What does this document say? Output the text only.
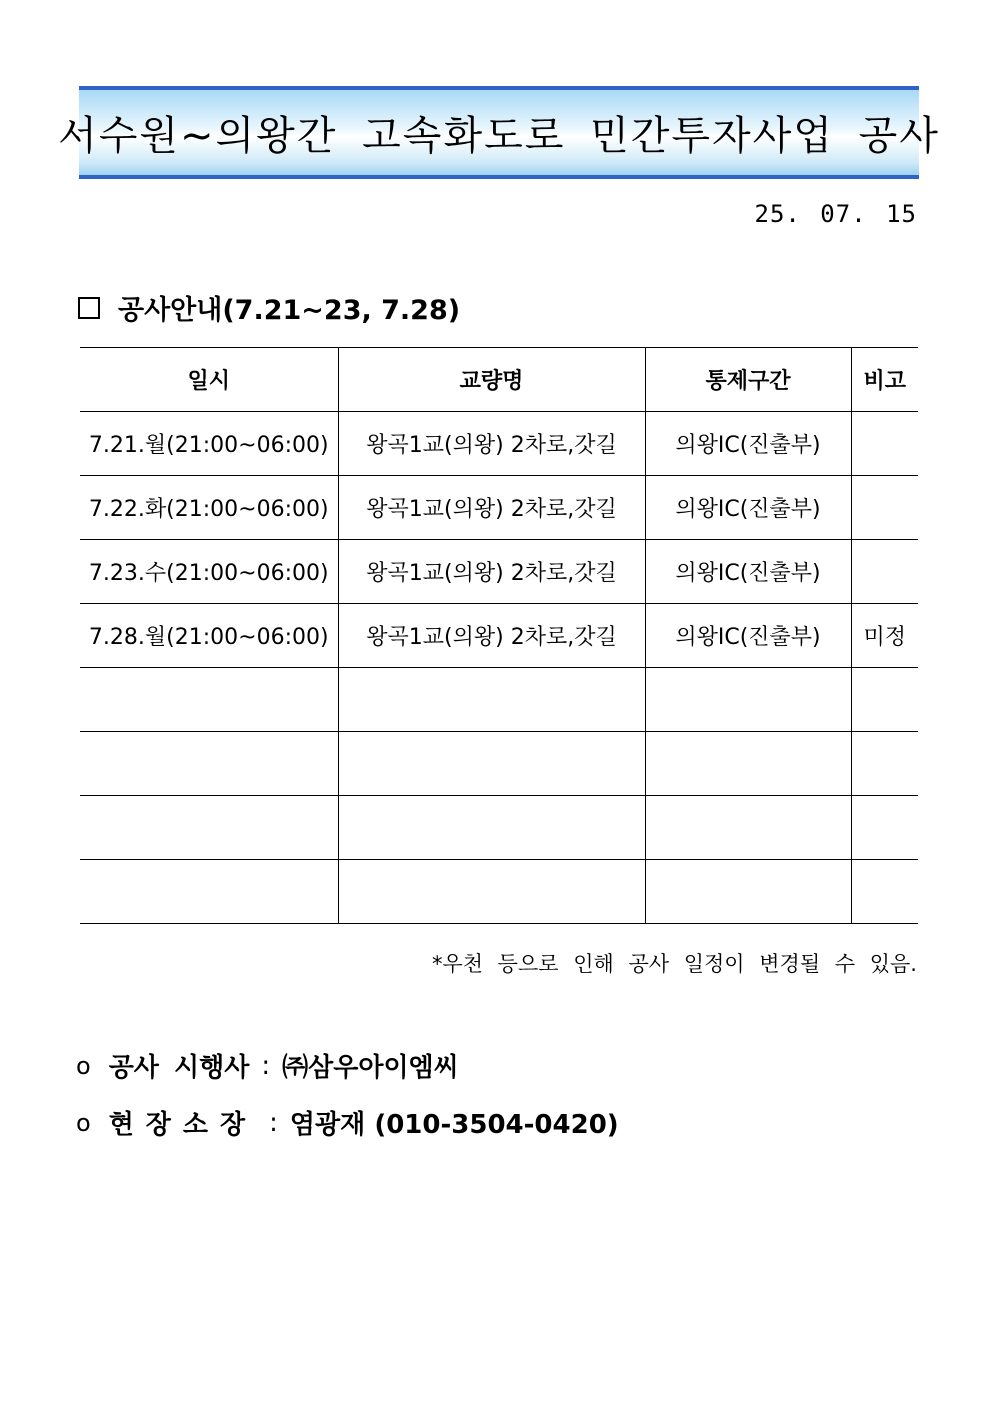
서수원~의왕간 고속화도로 민간투자사업 공사
25. 07. 15
공사안내(7.21~23, 7.28)
일시	교량명	통제구간	비고
7.21.월(21:00~06:00)	왕곡1교(의왕) 2차로,갓길	의왕IC(진출부)	
7.22.화(21:00~06:00)	왕곡1교(의왕) 2차로,갓길	의왕IC(진출부)	
7.23.수(21:00~06:00)	왕곡1교(의왕) 2차로,갓길	의왕IC(진출부)	
7.28.월(21:00~06:00)	왕곡1교(의왕) 2차로,갓길	의왕IC(진출부)	미정

*우천 등으로 인해 공사 일정이 변경될 수 있음.
o 공사 시행사 : ㈜삼우아이엠씨
o 현장소장 : 염광재 (010-3504-0420)
